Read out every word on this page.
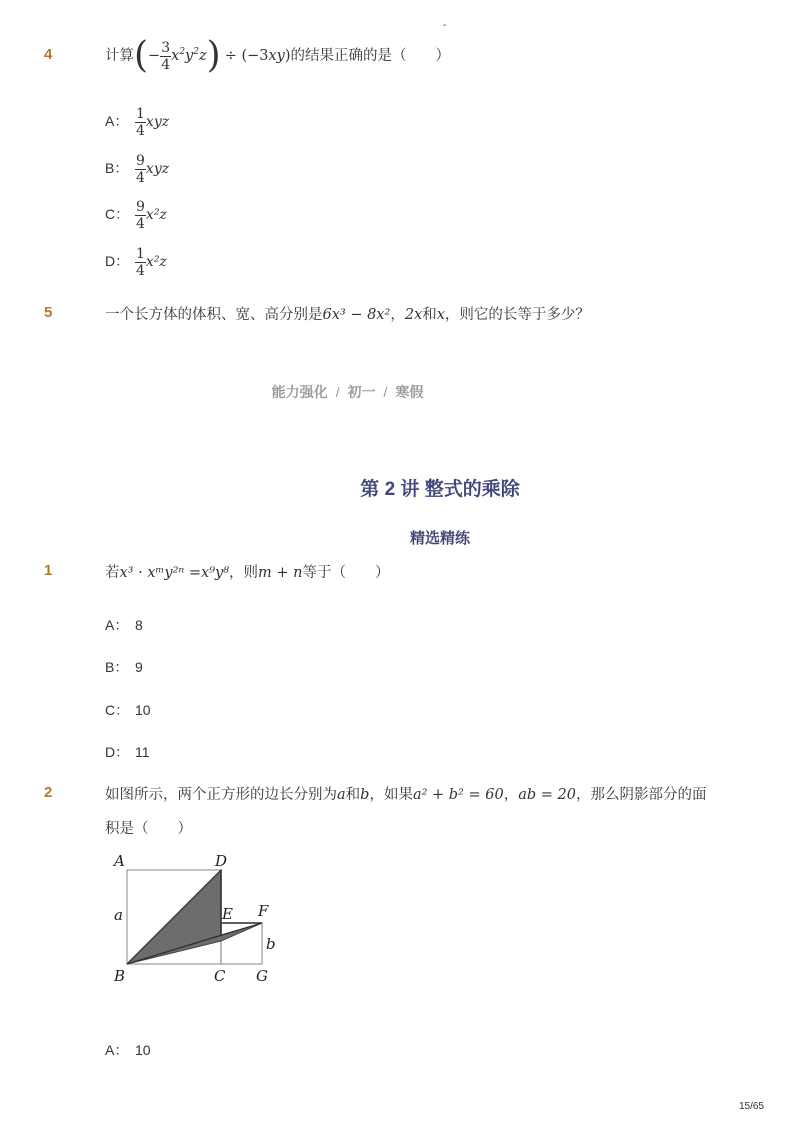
-
4	计算(− $\frac{3}{4} x^2y^2z) \div (-3xy)$的结果正确的是（　　）
A： $\frac{1}{4}$ xyz
B： $\frac{9}{4}$ xyz
C： $\frac{9}{4} x^2z$
D： $\frac{1}{4} x^2z$
5	一个长方体的体积、宽、高分别是6x³ − 8x²，2x和x，则它的长等于多少？
能力强化 / 初一 / 寒假
第 2 讲 整式的乘除
精选精练
1	若x³ · xᵐy²ⁿ =x⁹y⁸，则m + n等于（　　）
A： 8
B： 9
C： 10
D： 11
2	如图所示，两个正方形的边长分别为a和b，如果a² + b² = 60，ab = 20，那么阴影部分的面
积是（　　）
A	D
a	E F
b
B	C G
A： 10
15/65
